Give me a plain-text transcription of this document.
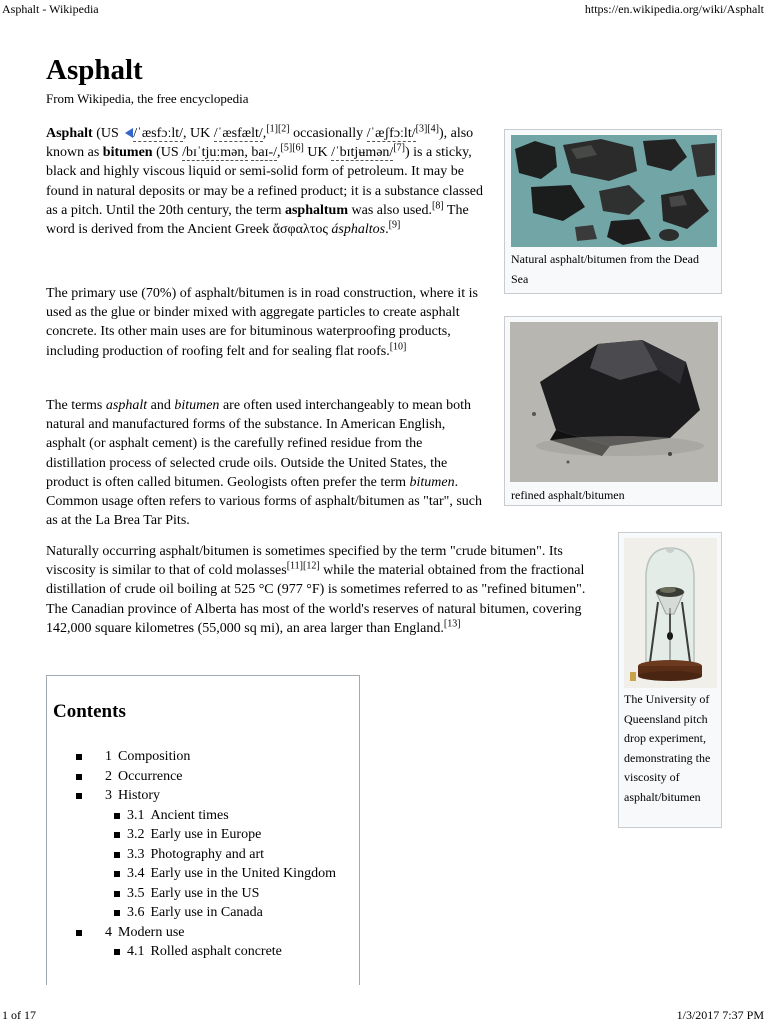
Asphalt - Wikipedia	https://en.wikipedia.org/wiki/Asphalt
Asphalt
From Wikipedia, the free encyclopedia

Asphalt (US /ˈæsfɔːlt/, UK /ˈæsfælt/,[1][2] occasionally /ˈæʃfɔːlt/[3][4]), also known as bitumen (US /bɪˈtjuːmən, baɪ-/,[5][6] UK /ˈbɪtjʉmən/[7]) is a sticky, black and highly viscous liquid or semi-solid form of petroleum. It may be found in natural deposits or may be a refined product; it is a substance classed as a pitch. Until the 20th century, the term asphaltum was also used.[8] The word is derived from the Ancient Greek ἄσφαλτος ásphaltos.[9]

The primary use (70%) of asphalt/bitumen is in road construction, where it is used as the glue or binder mixed with aggregate particles to create asphalt concrete. Its other main uses are for bituminous waterproofing products, including production of roofing felt and for sealing flat roofs.[10]

The terms asphalt and bitumen are often used interchangeably to mean both natural and manufactured forms of the substance. In American English, asphalt (or asphalt cement) is the carefully refined residue from the distillation process of selected crude oils. Outside the United States, the product is often called bitumen. Geologists often prefer the term bitumen. Common usage often refers to various forms of asphalt/bitumen as "tar", such as at the La Brea Tar Pits.

Naturally occurring asphalt/bitumen is sometimes specified by the term "crude bitumen". Its viscosity is similar to that of cold molasses[11][12] while the material obtained from the fractional distillation of crude oil boiling at 525 °C (977 °F) is sometimes referred to as "refined bitumen". The Canadian province of Alberta has most of the world's reserves of natural bitumen, covering 142,000 square kilometres (55,000 sq mi), an area larger than England.[13]

Natural asphalt/bitumen from the Dead Sea
refined asphalt/bitumen
The University of Queensland pitch drop experiment, demonstrating the viscosity of asphalt/bitumen
Contents
1 Composition
2 Occurrence
3 History
3.1 Ancient times
3.2 Early use in Europe
3.3 Photography and art
3.4 Early use in the United Kingdom
3.5 Early use in the US
3.6 Early use in Canada
4 Modern use
4.1 Rolled asphalt concrete
1 of 17	1/3/2017 7:37 PM
